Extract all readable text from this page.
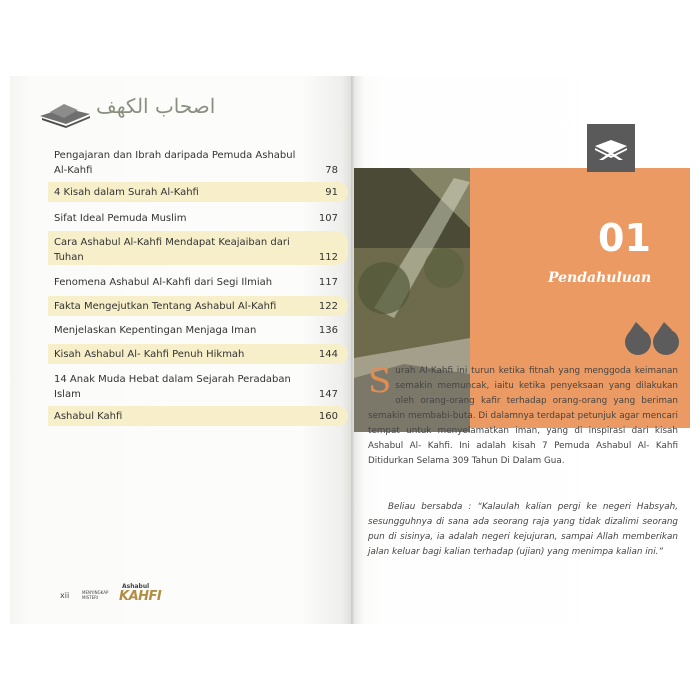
اصحاب الكهف
Pengajaran dan Ibrah daripada Pemuda Ashabul Al-Kahfi	78
4 Kisah dalam Surah Al-Kahfi	91
Sifat Ideal Pemuda Muslim	107
Cara Ashabul Al-Kahfi Mendapat Keajaiban dari Tuhan	112
Fenomena Ashabul Al-Kahfi dari Segi Ilmiah	117
Fakta Mengejutkan Tentang Ashabul Al-Kahfi	122
Menjelaskan Kepentingan Menjaga Iman	136
Kisah Ashabul Al- Kahfi Penuh Hikmah	144
14 Anak Muda Hebat dalam Sejarah Peradaban Islam	147
Ashabul Kahfi	160
xii	MENYINGKAP
MISTERI
Ashabul
KAHFI
01
Pendahuluan
Surah Al-Kahfi ini turun ketika fitnah yang menggoda keimanan semakin memuncak, iaitu ketika penyeksaan yang dilakukan oleh orang-orang kafir terhadap orang-orang yang beriman semakin membabi-buta. Di dalamnya terdapat petunjuk agar mencari tempat untuk menyelamatkan iman, yang di inspirasi dari kisah Ashabul Al- Kahfi. Ini adalah kisah 7 Pemuda Ashabul Al- Kahfi Ditidurkan Selama 309 Tahun Di Dalam Gua.
Beliau bersabda : “Kalaulah kalian pergi ke negeri Habsyah, sesungguhnya di sana ada seorang raja yang tidak dizalimi seorang pun di sisinya, ia adalah negeri kejujuran, sampai Allah memberikan jalan keluar bagi kalian terhadap (ujian) yang menimpa kalian ini.”
